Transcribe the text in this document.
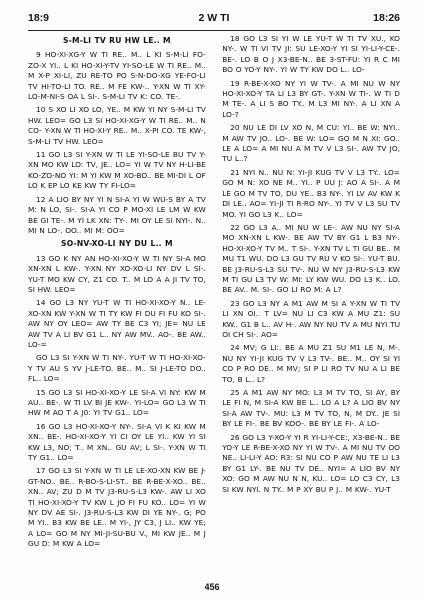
18:9	2 W TI	18:26
S-M-LI TV RU HW LE.. M

9 HO-XI-XG-Y W TI RE.. M.. L KI S-M-LI FO-ZO-X YI.. L KI HO-XI-Y-TV YI-SO-LE W TI RE.. M.. M X-P XI-LI, ZU RE-TO PO S-N-DO-XG YE-FO-LI TV HI-TO-LI TO. RE.. M FE KW-.. Y-XN W TI XY-LO-M-NI-S OA L SI-. S-M-LI TV K: CO. TE-.

10 S XO LI XO LO, YE.. M KW YI NY S-M-LI TV HW. LEO= GO L3 SI HO-XI-XG-Y W TI RE.. M.. N CO- Y-XN W TI HO-XI-Y RE.. M.. X-PI CO. TE KW-, S-M-LI TV HW. LEO=

11 GO L3 SI Y-XN W TI LE YI-SO-LE BU TV Y-XN MO KW LO: TV, JE.. LO= YI W TV NY H-LI-BE KO-ZO-NO YI: M YI KW M XO-BO.. BE MI-DI L OF LO K EP LO KE KW TY FI-LO=

12 A LIO BY NY YI N SI-A YI W WU-S BY A TV M: N LO, SI-. SI-A YI CO P MO-XI LE LM W KW BE GI TE-. M YI LK XN: TY-. MI OY LE SI NYI-. N.. MI N LO-. OO.. MI M: OO=

SO-NV-XO-LI NY DU L.. M

13 GO K NY AN HO-XI-XO-Y W TI NY SI-A MO XN-XN L KW-. Y-XN NY XO-XO-LI NY DV L SI-. YU-T MO KW CY, Z1 CO. T.. M LO A A JI TV TO, SI HW. LEO=

14 GO L3 NY YU-T W TI HO-XI-XO-Y N.. LE-XO-XN KW Y-XN W TI TY KW FI DU FI FU KO SI-. AW NY OY LEO= AW TY BE C3 YI; JE= NU LE AW TV A LI BV G1 L.. NY AW MV.. AO-. BE AW.. LO-=

GO L3 SI Y-XN W TI NY-. YU-T W TI HO-XI-XO-Y TV AU S YV J-LE-TO. BE.. M.. SI J-LE-TO DO.. FL.. LO=

15 GO L3 SI HO-XI-XO-Y LE SI-A VI NY: KW M AU.. BE-. W TI LV BI JE KW-. YI-LO= GO L3 W TI HW M AO T A J0: YI TV G1.. LO=

16 GO L3 HO-XI-XO-Y NY-. SI-A VI K KI KW M XN.. BE-. HO-XI-XO-Y YI CI OY LE YI.. KW YI SI KW L3, NO; T.. M XN.. GU AV; L SI-. Y-XN W TI TY G1.. LO=

17 GO L3 SI Y-XN W TI LE LE-XO-XN KW BE J-GT-NO.. BE.. R-BO-S-LI-ST.. BE R-BE-X-XO.. BE.. XN.. AV; ZU D M TV J3-RU-S-L3 KW-. AW LI XO TI HO-XI-XO-Y TV KW L JO FI FU KO.. LO= YI W NY DV AE SI-. J3-RU-S-L3 KW DI YE NY-. G; PO M YI.. B3 KW BE LE.. M YI-, JY C3, J LI.. KW YE; A LO= GO M NY MI-JI-SU-BU V., MI KW JE.. M J GU D: M KW A LO=

18 GO L3 SI YI W LE YU-T W TI TV XU., KO NY-. W TI VI TV JI: SU LE-XO-Y YI SI YI-LI-Y-CE-. BE-. LO B O J X3-BE-N.. BE 3-ST-FU: YI R C MI BO O YO-Y NY-. YI W TY KW DO L.. LO-

19 R-BE-X-XO NY YI W TV-. A MI NU W NY HO-XI-XO-Y TA LI L3 BY GT-. Y-XN W TI-. W TI D M TE-. A LI S BO TY.. M L3 MI NY-. A LI XN A LO-?

20 NU LE DI LV XO N, M CU: YI.. BE W: NYI.. M AW TV JO.. LO-. BE W: LO= GO M N XI: GO.. LE A LO= A MI NU A M TV V L3 SI-. AW TV JO, TU L..?

21 NYI N.. NU N: YI-JI KUG TV V L3 TY.. LO= GO M N: XO NE M.. YI.. P UU J: AO A SI-. A M LE GO M TV TO, DU YE.. B3 NY-. YI LV AV KW K DI LE.. AO= YI-JI TI R-RO NY-. YI TV V L3 SU TV MO. YI GO L3 K.. LO=

22 GO L3 A.. MI NU W LE-. AW NU NY SI-A MO XN-XN L KW-. BE AW TV BY G1 L B3 NY-. HO-XI-XO-Y TV M.. T SI-. Y-XN TV L TI GU BE.. M MU T1 WU. DO L3 GU TV RU V KO SI-. YU-T BU. BE J3-RU-S-L3 SU TV-. NU W NY J3-RU-S-L3 KW M TI GU L3 TV W: MI: LY KW WU. DO L3 K.. LO. BE AV.. M. SI-. GO LI RO M: A L?

23 GO L3 NY A M1 AW M SI A Y-XN W TI TV LI XN OI.. T LV= NU LI C3 KW A MU Z1: SU KW.. G1 B L.. AV H-. AW NY NU TV A MU NYI TU OI CH SI-. AO=

24 MV; G LI:. BE A MU Z1 SU M1 LE N, M-. NU NY YI-JI KUG TV V L3 TV-. BE.. M.. OY SI YI CO P RO DE.. M MV; SI P LI RO TV NU A LI BE TO, B L.. L?

25 A M1 AW NY MO: L3 M TV TO, SI AY, BY LE FI N, M SI-A KW BE L.. LO A L? A LIO BV NY SI-A AW TV-. MU: L3 M TV TO, N, M DY.. JE SI BY LE FI-. BE BV KOO-. BE BY LE FI-. A LO-

26 GO L3 Y-XO-Y YI R YI-LI-Y-CE:, X3-BE-N.. BE YO-Y LE R-BE-X-XO NY YI W TV-. A MI NU TV OO NE.. LI-LI-Y AO: R3: SI NU CO P AW NU TE LI L3 BY G1 LY-. BE NU TV DE.. NYI= A LIO BV NY XO: GO M AW NU N N, KU.. LO= LO C3 CY, L3 SI KW NYI. N TY.. M P XY BU P J.. M KW-. YU-T

456
